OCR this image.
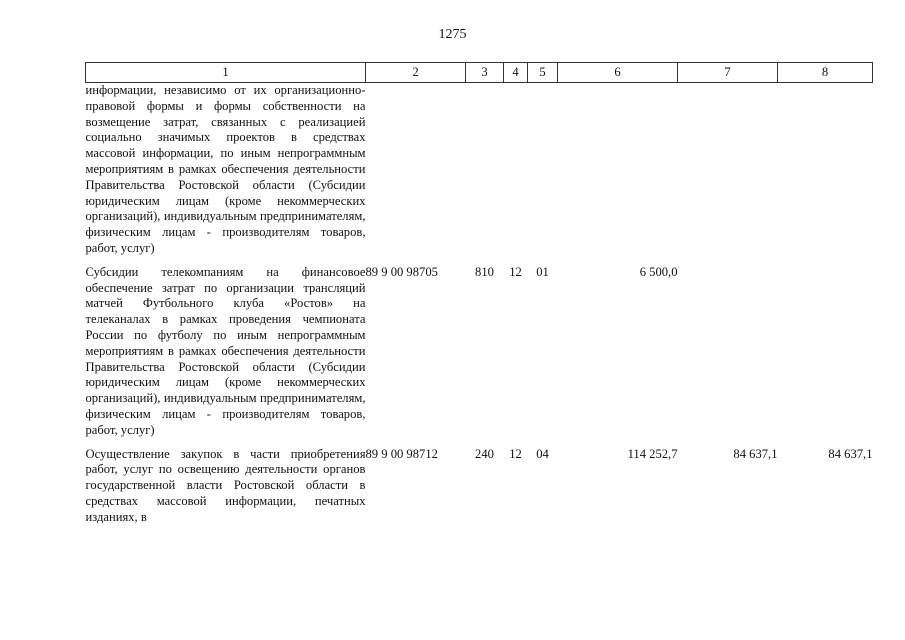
1275
1	2	3	4	5	6	7	8
информации, независимо от их организационно-правовой формы и формы собственности на возмещение затрат, связанных с реализацией социально значимых проектов в средствах массовой информации, по иным непрограммным мероприятиям в рамках обеспечения деятельности Правительства Ростовской области (Субсидии юридическим лицам (кроме некоммерческих организаций), индивидуальным предпринимателям, физическим лицам - производителям товаров, работ, услуг)							

Субсидии телекомпаниям на финансовое обеспечение затрат по организации трансляций матчей Футбольного клуба «Ростов» на телеканалах в рамках проведения чемпионата России по футболу по иным непрограммным мероприятиям в рамках обеспечения деятельности Правительства Ростовской области (Субсидии юридическим лицам (кроме некоммерческих организаций), индивидуальным предпринимателям, физическим лицам - производителям товаров, работ, услуг)	89 9 00 98705	810	12	01	6 500,0		

Осуществление закупок в части приобретения работ, услуг по освещению деятельности органов государственной власти Ростовской области в средствах массовой информации, печатных изданиях, в	89 9 00 98712	240	12	04	114 252,7	84 637,1	84 637,1
